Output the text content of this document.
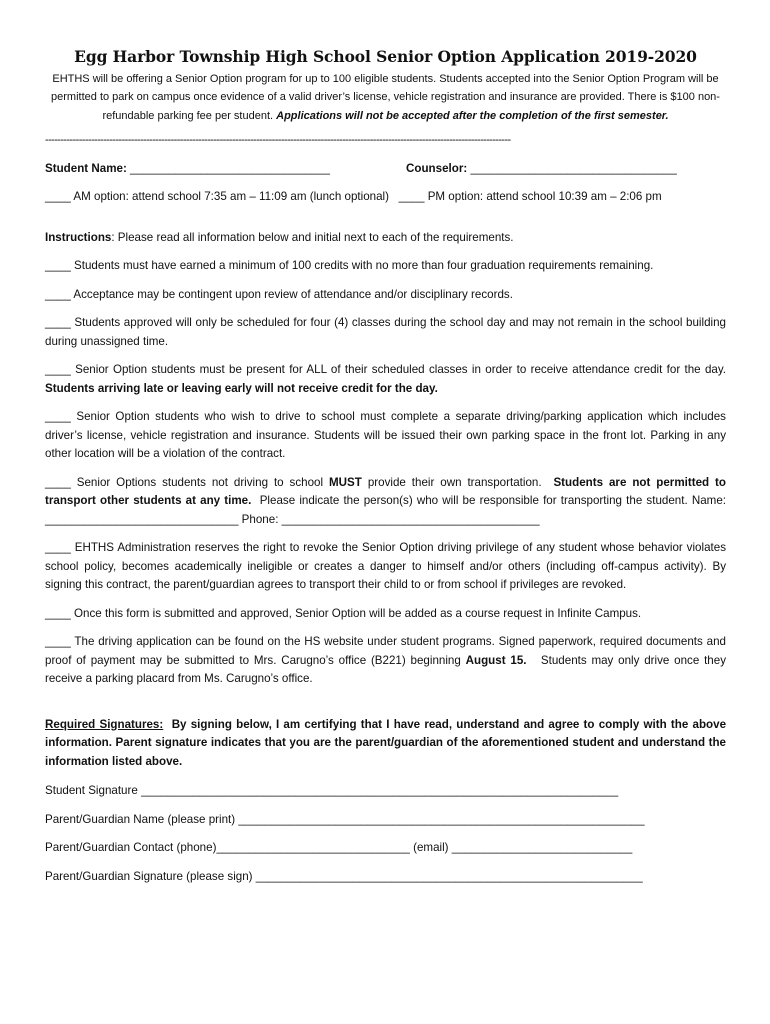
Egg Harbor Township High School Senior Option Application 2019-2020

EHTHS will be offering a Senior Option program for up to 100 eligible students. Students accepted into the Senior Option Program will be permitted to park on campus once evidence of a valid driver’s license, vehicle registration and insurance are provided. There is $100 non-refundable parking fee per student. Applications will not be accepted after the completion of the first semester.

--------------------------------------------------------------------------------------------------------------------------------------------------------
Student Name: _______________________________	Counselor: ________________________________
____ AM option: attend school 7:35 am – 11:09 am (lunch optional) ____ PM option: attend school 10:39 am – 2:06 pm

Instructions: Please read all information below and initial next to each of the requirements.

____ Students must have earned a minimum of 100 credits with no more than four graduation requirements remaining.

____ Acceptance may be contingent upon review of attendance and/or disciplinary records.

____ Students approved will only be scheduled for four (4) classes during the school day and may not remain in the school building during unassigned time.

____ Senior Option students must be present for ALL of their scheduled classes in order to receive attendance credit for the day. Students arriving late or leaving early will not receive credit for the day.

____ Senior Option students who wish to drive to school must complete a separate driving/parking application which includes driver’s license, vehicle registration and insurance. Students will be issued their own parking space in the front lot. Parking in any other location will be a violation of the contract.

____ Senior Options students not driving to school MUST provide their own transportation. Students are not permitted to transport other students at any time. Please indicate the person(s) who will be responsible for transporting the student. Name: ______________________________ Phone: ________________________________________

____ EHTHS Administration reserves the right to revoke the Senior Option driving privilege of any student whose behavior violates school policy, becomes academically ineligible or creates a danger to himself and/or others (including off-campus activity). By signing this contract, the parent/guardian agrees to transport their child to or from school if privileges are revoked.

____ Once this form is submitted and approved, Senior Option will be added as a course request in Infinite Campus.

____ The driving application can be found on the HS website under student programs. Signed paperwork, required documents and proof of payment may be submitted to Mrs. Carugno’s office (B221) beginning August 15. Students may only drive once they receive a parking placard from Ms. Carugno’s office.

Required Signatures: By signing below, I am certifying that I have read, understand and agree to comply with the above information. Parent signature indicates that you are the parent/guardian of the aforementioned student and understand the information listed above.

Student Signature __________________________________________________________________________
Parent/Guardian Name (please print) _______________________________________________________________
Parent/Guardian Contact (phone)______________________________ (email) ____________________________
Parent/Guardian Signature (please sign) ____________________________________________________________
